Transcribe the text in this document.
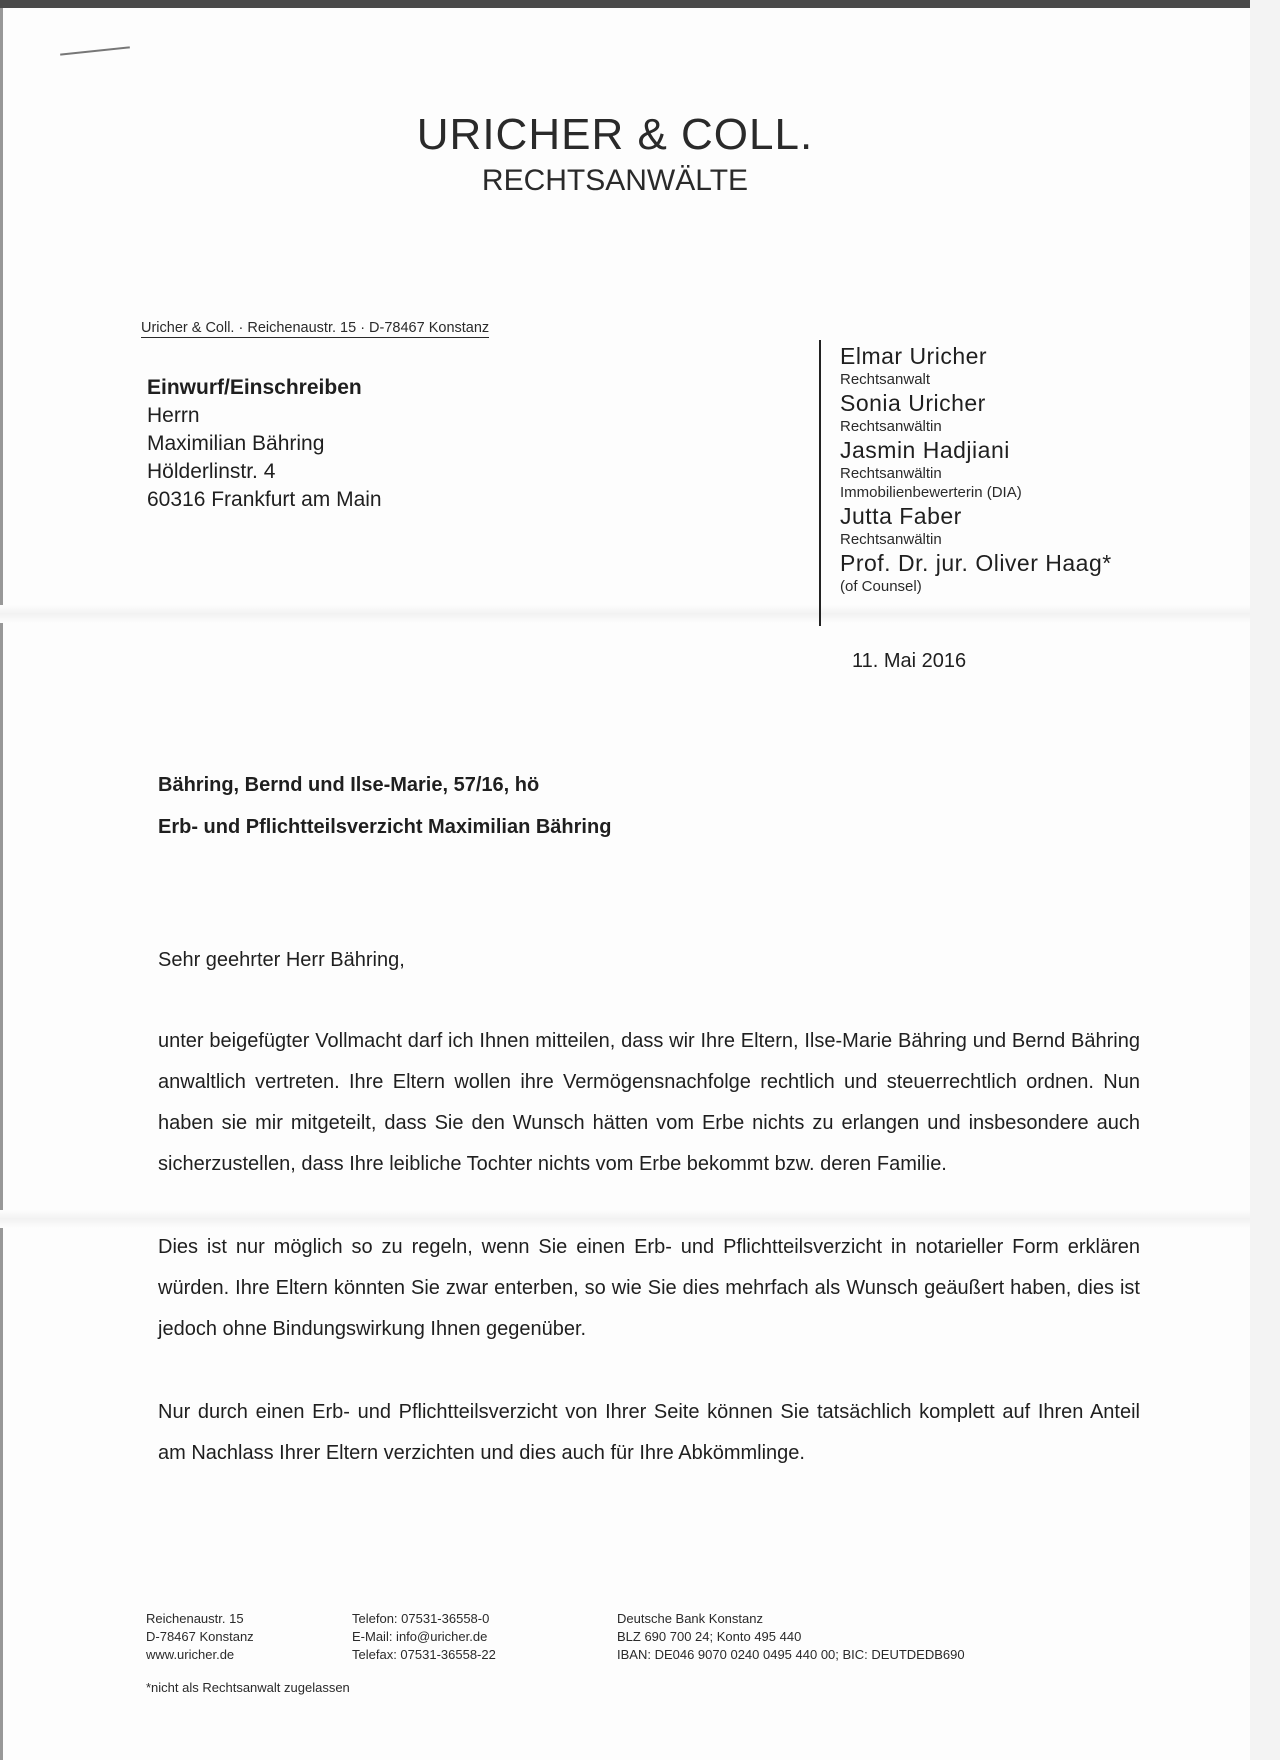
URICHER & COLL.
RECHTSANWÄLTE
Uricher & Coll. · Reichenaustr. 15 · D-78467 Konstanz
Einwurf/Einschreiben
Herrn
Maximilian Bähring
Hölderlinstr. 4
60316 Frankfurt am Main
Elmar Uricher
Rechtsanwalt
Sonia Uricher
Rechtsanwältin
Jasmin Hadjiani
Rechtsanwältin
Immobilienbewerterin (DIA)
Jutta Faber
Rechtsanwältin
Prof. Dr. jur. Oliver Haag*
(of Counsel)
11. Mai 2016
Bähring, Bernd und Ilse-Marie, 57/16, hö
Erb- und Pflichtteilsverzicht Maximilian Bähring

Sehr geehrter Herr Bähring,

unter beigefügter Vollmacht darf ich Ihnen mitteilen, dass wir Ihre Eltern, Ilse-Marie Bähring und Bernd Bähring anwaltlich vertreten. Ihre Eltern wollen ihre Vermögensnachfolge rechtlich und steuerrechtlich ordnen. Nun haben sie mir mitgeteilt, dass Sie den Wunsch hätten vom Erbe nichts zu erlangen und insbesondere auch sicherzustellen, dass Ihre leibliche Tochter nichts vom Erbe bekommt bzw. deren Familie.

Dies ist nur möglich so zu regeln, wenn Sie einen Erb- und Pflichtteilsverzicht in notarieller Form erklären würden. Ihre Eltern könnten Sie zwar enterben, so wie Sie dies mehrfach als Wunsch geäußert haben, dies ist jedoch ohne Bindungswirkung Ihnen gegenüber.

Nur durch einen Erb- und Pflichtteilsverzicht von Ihrer Seite können Sie tatsächlich komplett auf Ihren Anteil am Nachlass Ihrer Eltern verzichten und dies auch für Ihre Abkömmlinge.

Reichenaustr. 15
D-78467 Konstanz
www.uricher.de
Telefon: 07531-36558-0
E-Mail: info@uricher.de
Telefax: 07531-36558-22
Deutsche Bank Konstanz
BLZ 690 700 24; Konto 495 440
IBAN: DE046 9070 0240 0495 440 00; BIC: DEUTDEDB690
*nicht als Rechtsanwalt zugelassen
